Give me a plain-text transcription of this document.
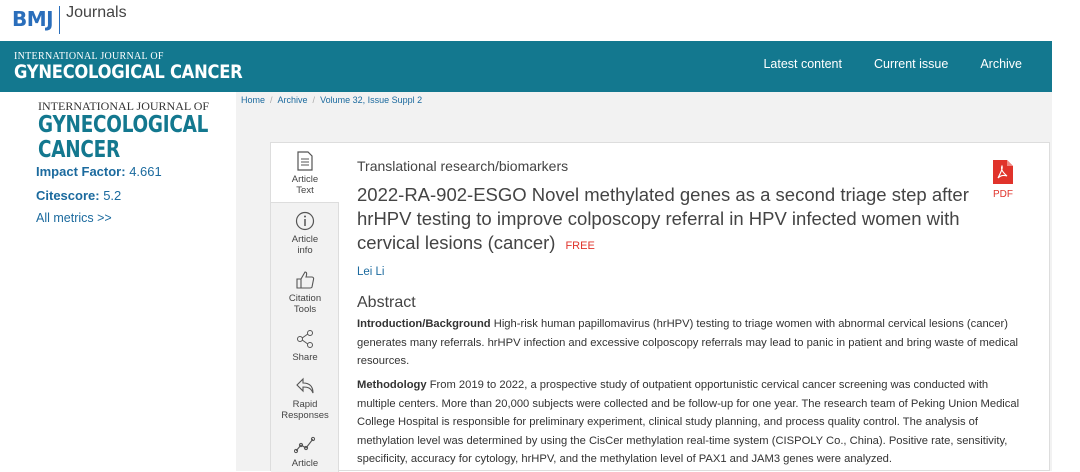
BMJ Journals
INTERNATIONAL JOURNAL OF
GYNECOLOGICAL CANCER	Latest content	Current issue	Archive
INTERNATIONAL JOURNAL OF
GYNECOLOGICAL CANCER
Impact Factor: 4.661
Citescore: 5.2
All metrics >>
Home / Archive / Volume 32, Issue Suppl 2
Article
Text
Article
info
Citation
Tools
Share
Rapid
Responses
Article
Translational research/biomarkers
2022-RA-902-ESGO Novel methylated genes as a second triage step after hrHPV testing to improve colposcopy referral in HPV infected women with cervical lesions (cancer) FREE
Lei Li
Abstract
Introduction/Background High-risk human papillomavirus (hrHPV) testing to triage women with abnormal cervical lesions (cancer) generates many referrals. hrHPV infection and excessive colposcopy referrals may lead to panic in patient and bring waste of medical resources.
Methodology From 2019 to 2022, a prospective study of outpatient opportunistic cervical cancer screening was conducted with multiple centers. More than 20,000 subjects were collected and be follow-up for one year. The research team of Peking Union Medical College Hospital is responsible for preliminary experiment, clinical study planning, and process quality control. The analysis of methylation level was determined by using the CisCer methylation real-time system (CISPOLY Co., China). Positive rate, sensitivity, specificity, accuracy for cytology, hrHPV, and the methylation level of PAX1 and JAM3 genes were analyzed.
PDF
